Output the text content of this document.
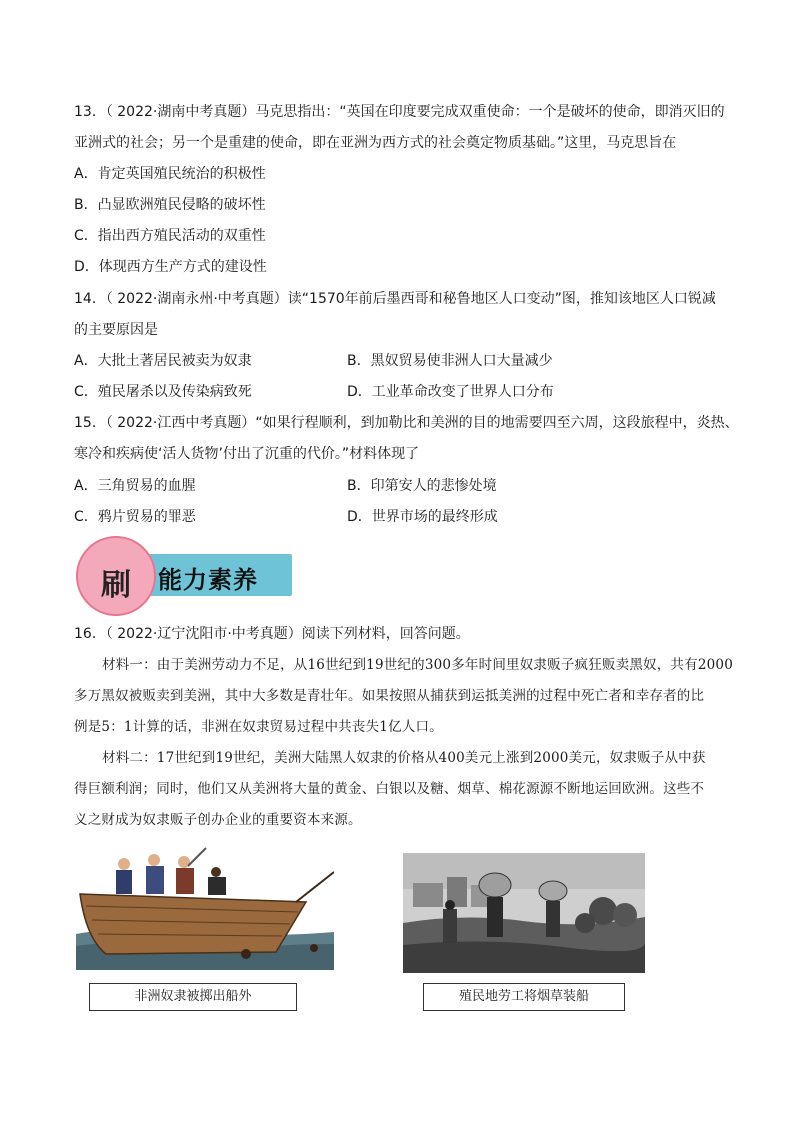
13．（ 2022·湖南中考真题）马克思指出：“英国在印度要完成双重使命：一个是破坏的使命，即消灭旧的
亚洲式的社会；另一个是重建的使命，即在亚洲为西方式的社会奠定物质基础。”这里，马克思旨在
A．肯定英国殖民统治的积极性
B．凸显欧洲殖民侵略的破坏性
C．指出西方殖民活动的双重性
D．体现西方生产方式的建设性
14．（ 2022·湖南永州·中考真题）读“1570年前后墨西哥和秘鲁地区人口变动”图，推知该地区人口锐减
的主要原因是
A．大批土著居民被卖为奴隶	B．黑奴贸易使非洲人口大量减少
C．殖民屠杀以及传染病致死	D．工业革命改变了世界人口分布
15．（ 2022·江西中考真题）“如果行程顺利，到加勒比和美洲的目的地需要四至六周，这段旅程中，炎热、
寒冷和疾病使‘活人货物’付出了沉重的代价。”材料体现了
A．三角贸易的血腥	B．印第安人的悲惨处境
C．鸦片贸易的罪恶	D．世界市场的最终形成
刷	能力素养
16．（ 2022·辽宁沈阳市·中考真题）阅读下列材料，回答问题。
材料一：由于美洲劳动力不足，从16世纪到19世纪的300多年时间里奴隶贩子疯狂贩卖黑奴，共有2000
多万黑奴被贩卖到美洲，其中大多数是青壮年。如果按照从捕获到运抵美洲的过程中死亡者和幸存者的比
例是5：1计算的话，非洲在奴隶贸易过程中共丧失1亿人口。
材料二：17世纪到19世纪，美洲大陆黑人奴隶的价格从400美元上涨到2000美元，奴隶贩子从中获
得巨额利润；同时，他们又从美洲将大量的黄金、白银以及糖、烟草、棉花源源不断地运回欧洲。这些不
义之财成为奴隶贩子创办企业的重要资本来源。
非洲奴隶被掷出船外	殖民地劳工将烟草装船
